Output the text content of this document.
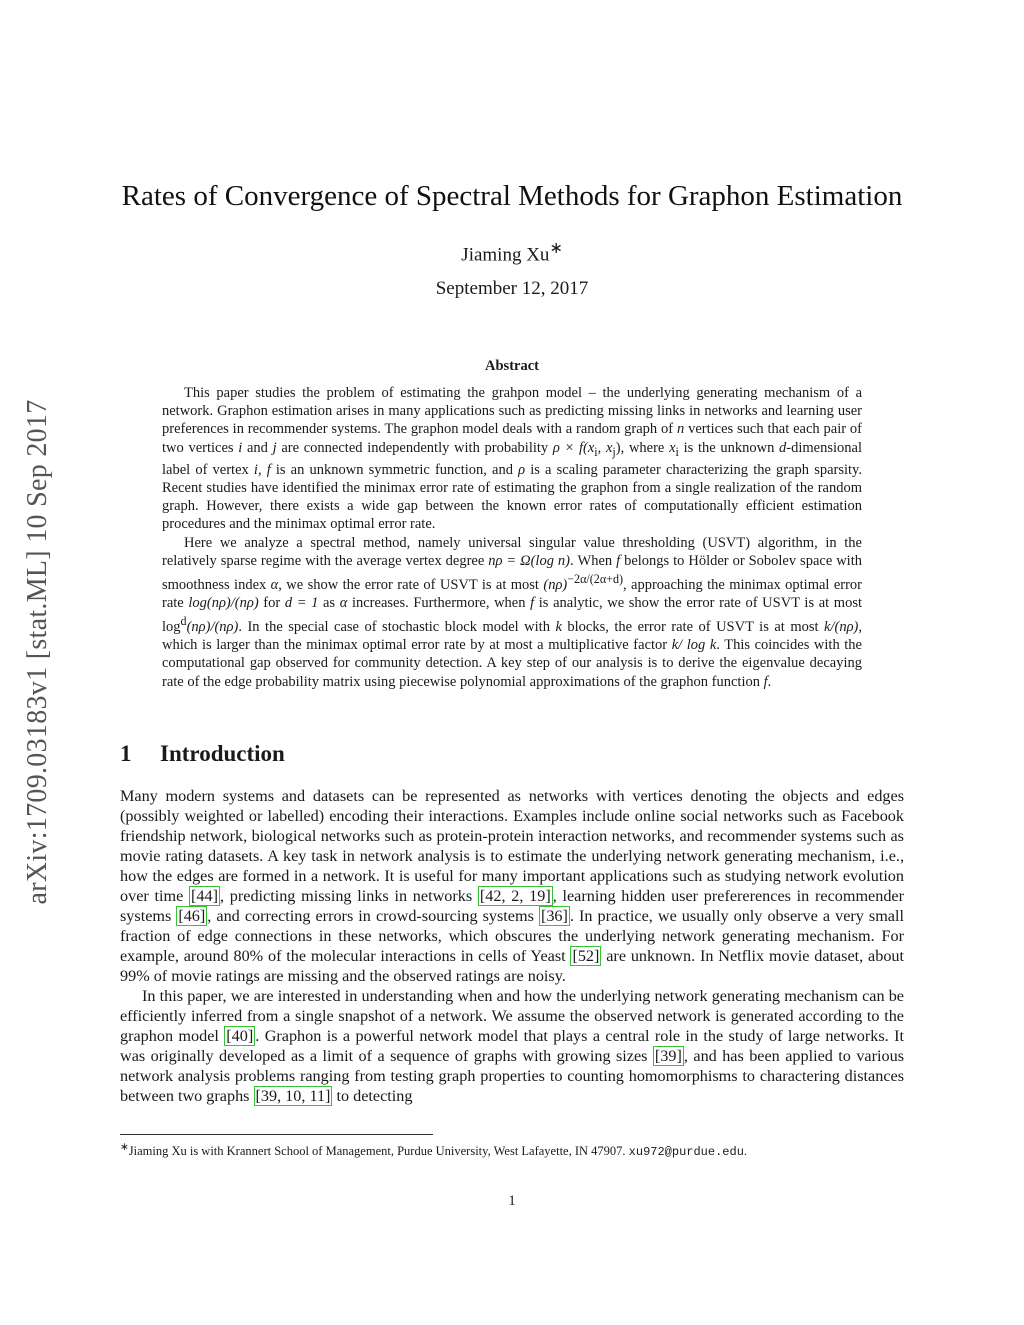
arXiv:1709.03183v1 [stat.ML] 10 Sep 2017
Rates of Convergence of Spectral Methods for Graphon Estimation
Jiaming Xu∗
September 12, 2017
Abstract

This paper studies the problem of estimating the grahpon model – the underlying generating mechanism of a network. Graphon estimation arises in many applications such as predicting missing links in networks and learning user preferences in recommender systems. The graphon model deals with a random graph of n vertices such that each pair of two vertices i and j are connected independently with probability $\rho \times f(x_i$, $x_j$), where $x_i$ is the unknown d-dimensional label of vertex i, f is an unknown symmetric function, and ρ is a scaling parameter characterizing the graph sparsity. Recent studies have identified the minimax error rate of estimating the graphon from a single realization of the random graph. However, there exists a wide gap between the known error rates of computationally efficient estimation procedures and the minimax optimal error rate.

Here we analyze a spectral method, namely universal singular value thresholding (USVT) algorithm, in the relatively sparse regime with the average vertex degree nρ = Ω(log n). When f belongs to Hölder or Sobolev space with smoothness index α, we show the error rate of USVT is at most $(n\rho)^{-2\alpha/(2\alpha+d)}$, approaching the minimax optimal error rate log(nρ)/(nρ) for d = 1 as α increases. Furthermore, when f is analytic, we show the error rate of USVT is at most $\log^d(n\rho)/(n\rho)$. In the special case of stochastic block model with k blocks, the error rate of USVT is at most k/(nρ), which is larger than the minimax optimal error rate by at most a multiplicative factor k/ log k. This coincides with the computational gap observed for community detection. A key step of our analysis is to derive the eigenvalue decaying rate of the edge probability matrix using piecewise polynomial approximations of the graphon function f.

1 Introduction

Many modern systems and datasets can be represented as networks with vertices denoting the objects and edges (possibly weighted or labelled) encoding their interactions. Examples include online social networks such as Facebook friendship network, biological networks such as protein-protein interaction networks, and recommender systems such as movie rating datasets. A key task in network analysis is to estimate the underlying network generating mechanism, i.e., how the edges are formed in a network. It is useful for many important applications such as studying network evolution over time [44] , predicting missing links in networks [42, 2, 19] , learning hidden user prefererences in recommender systems [46] , and correcting errors in crowd-sourcing systems [36] . In practice, we usually only observe a very small fraction of edge connections in these networks, which obscures the underlying network generating mechanism. For example, around 80% of the molecular interactions in cells of Yeast [52] are unknown. In Netflix movie dataset, about 99% of movie ratings are missing and the observed ratings are noisy.

In this paper, we are interested in understanding when and how the underlying network generating mechanism can be efficiently inferred from a single snapshot of a network. We assume the observed network is generated according to the graphon model [40] . Graphon is a powerful network model that plays a central role in the study of large networks. It was originally developed as a limit of a sequence of graphs with growing sizes [39] , and has been applied to various network analysis problems ranging from testing graph properties to counting homomorphisms to charactering distances between two graphs [39, 10, 11] to detecting

∗Jiaming Xu is with Krannert School of Management, Purdue University, West Lafayette, IN 47907. xu972@purdue.edu.
1
